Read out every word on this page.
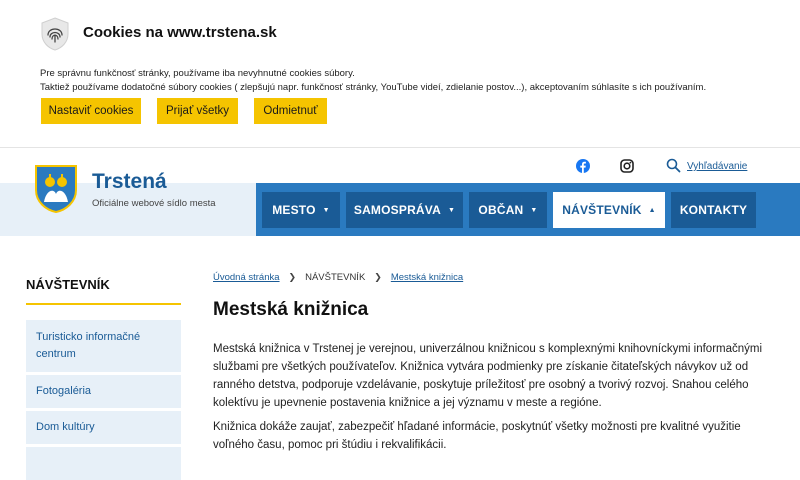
Cookies na www.trstena.sk
Pre správnu funkčnosť stránky, používame iba nevyhnutné cookies súbory.
Taktiež používame dodatočné súbory cookies ( zlepšujú napr. funkčnosť stránky, YouTube videí, zdielanie postov...), akceptovaním súhlasíte s ich používaním.
Nastaviť cookies	Prijať všetky	Odmietnuť
Trstená
Oficiálne webové sídlo mesta
Vyhľadávanie
MESTO ▼ SAMOSPRÁVA ▼ OBČAN ▼ NÁVŠTEVNÍK ▲ KONTAKTY
NÁVŠTEVNÍK
Turisticko informačné centrum
Fotogaléria
Dom kultúry
Úvodná stránka ❯ NÁVŠTEVNÍK ❯ Mestská knižnica
Mestská knižnica

Mestská knižnica v Trstenej je verejnou, univerzálnou knižnicou s komplexnými knihovníckymi informačnými službami pre všetkých používateľov. Knižnica vytvára podmienky pre získanie čitateľských návykov už od ranného detstva, podporuje vzdelávanie, poskytuje príležitosť pre osobný a tvorivý rozvoj. Snahou celého kolektívu je upevnenie postavenia knižnice a jej významu v meste a regióne.

Knižnica dokáže zaujať, zabezpečiť hľadané informácie, poskytnúť všetky možnosti pre kvalitné využitie voľného času, pomoc pri štúdiu i rekvalifikácii.
